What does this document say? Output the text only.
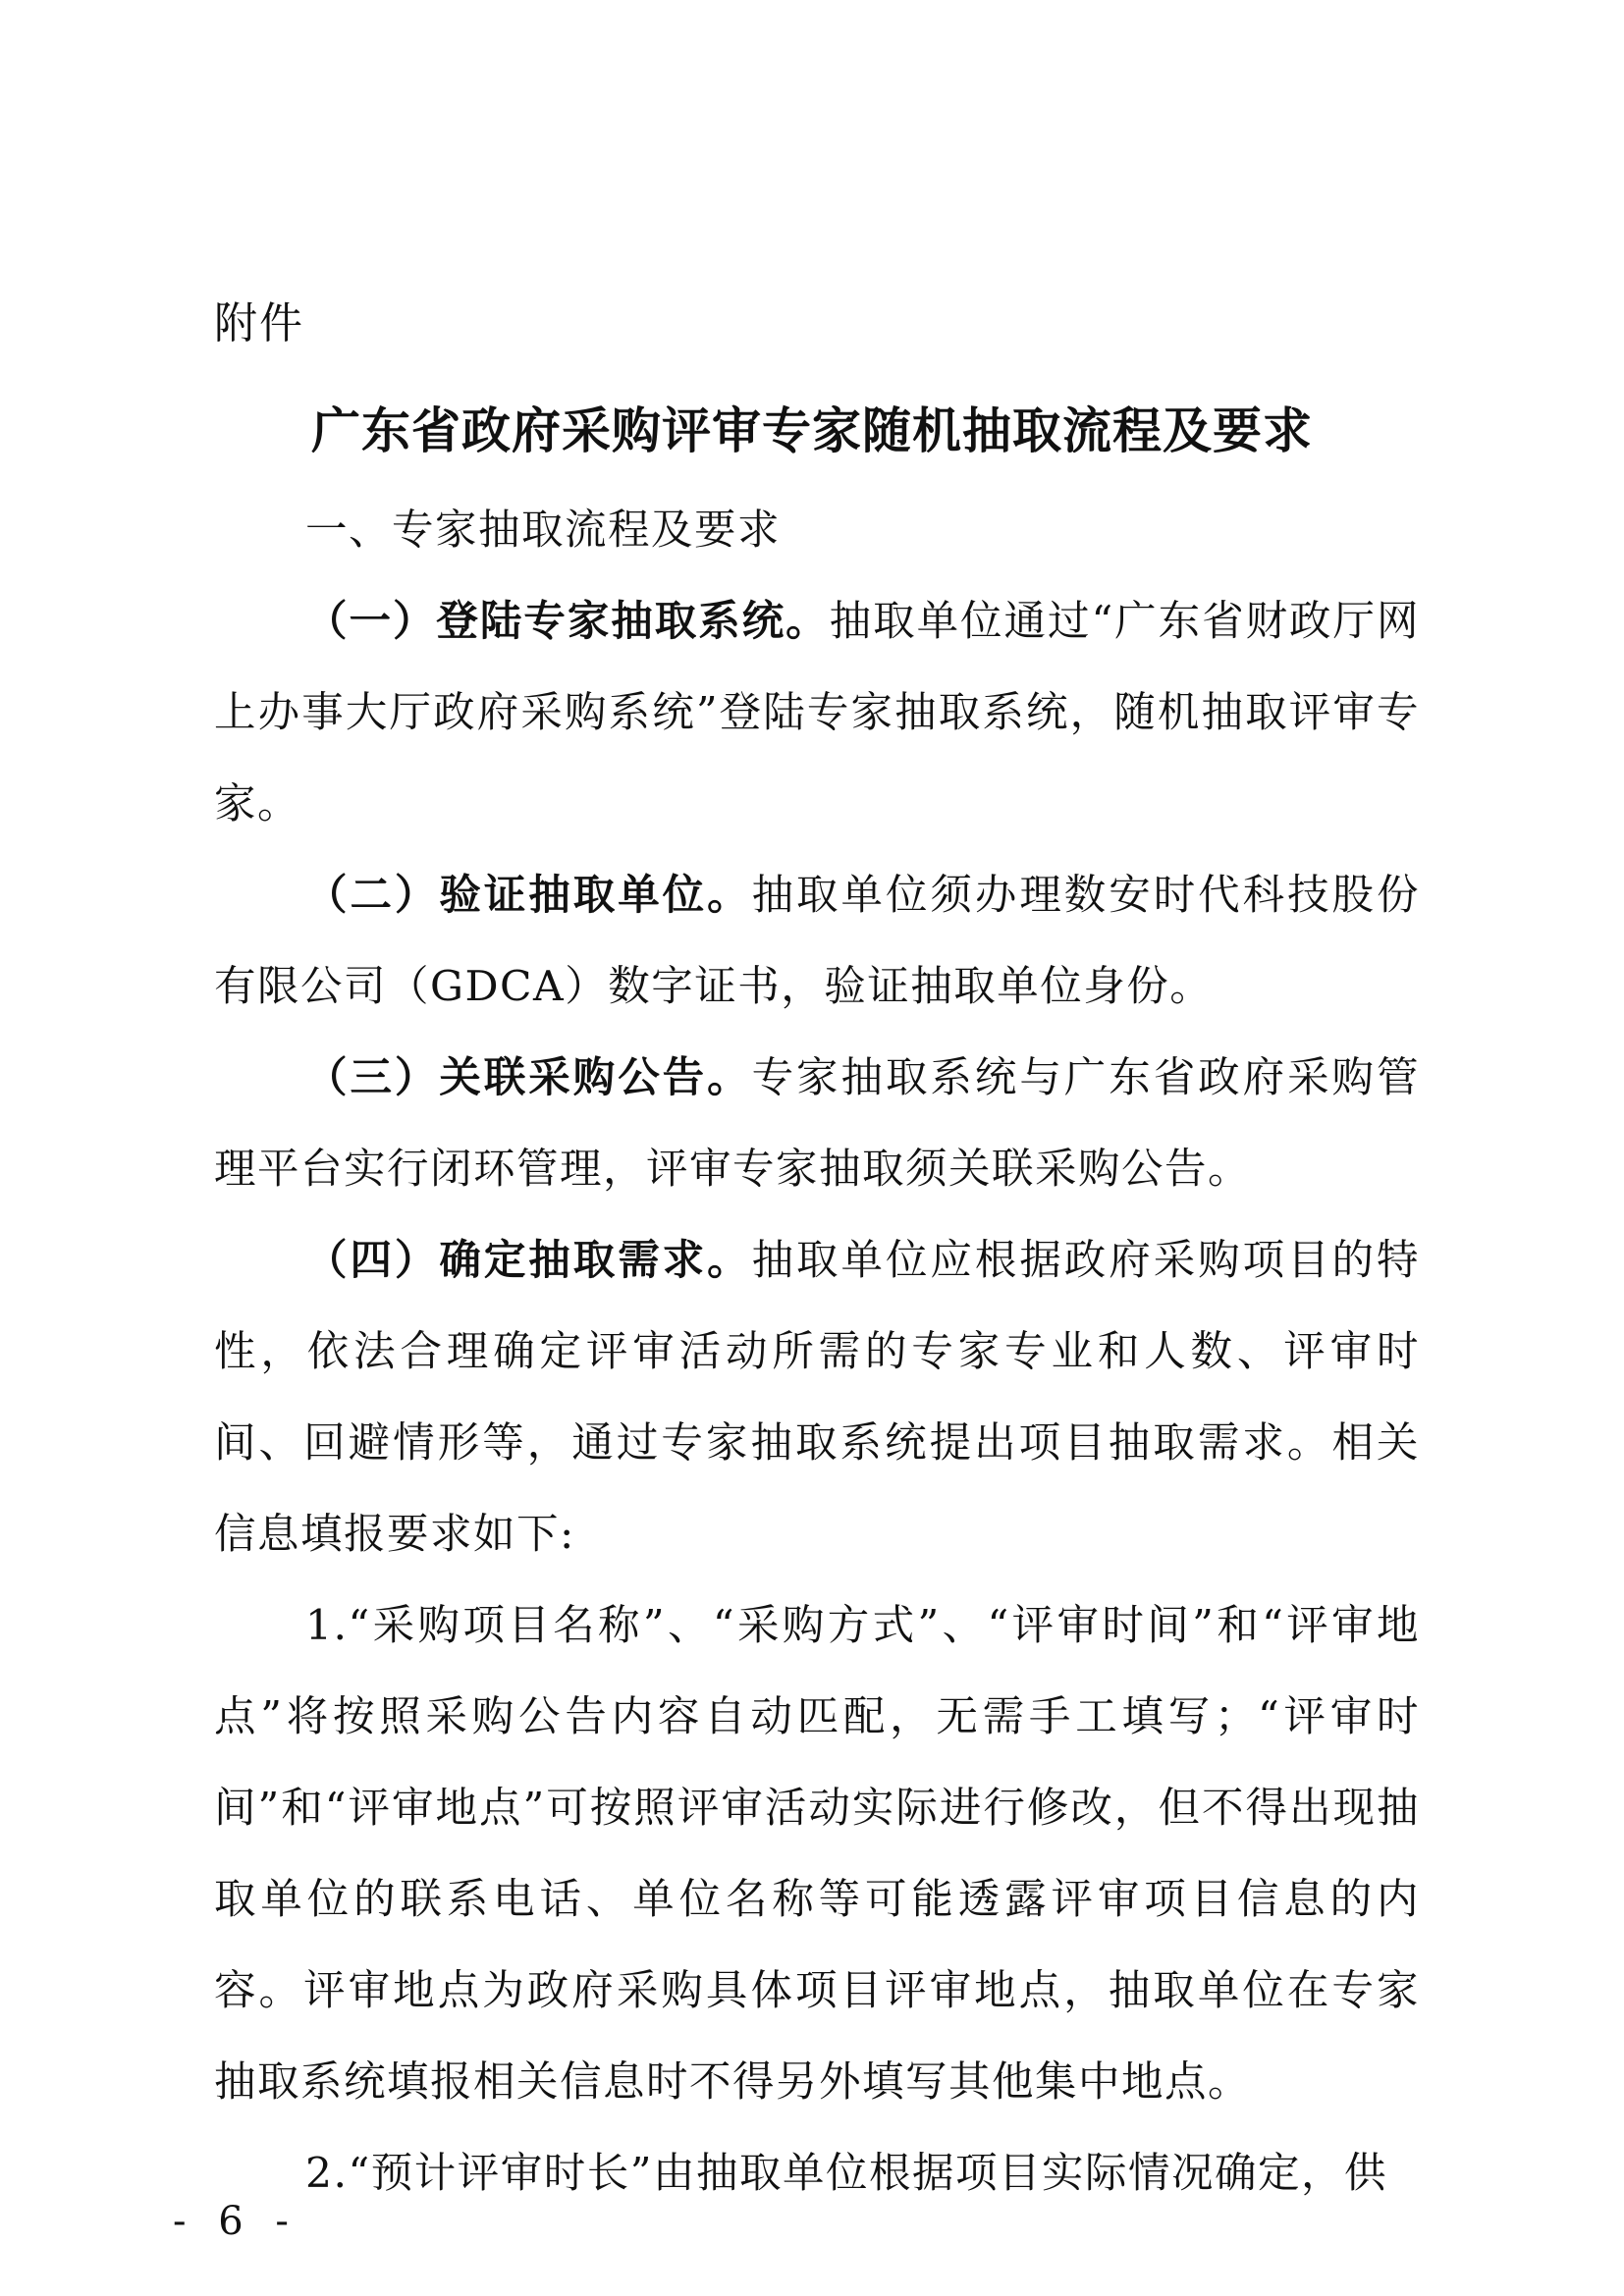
附件
广东省政府采购评审专家随机抽取流程及要求

一、专家抽取流程及要求

（一）登陆专家抽取系统。抽取单位通过“广东省财政厅网上办事大厅政府采购系统”登陆专家抽取系统，随机抽取评审专家。

（二）验证抽取单位。抽取单位须办理数安时代科技股份有限公司（GDCA）数字证书，验证抽取单位身份。

（三）关联采购公告。专家抽取系统与广东省政府采购管理平台实行闭环管理，评审专家抽取须关联采购公告。

（四）确定抽取需求。抽取单位应根据政府采购项目的特性，依法合理确定评审活动所需的专家专业和人数、评审时间、回避情形等，通过专家抽取系统提出项目抽取需求。相关信息填报要求如下:

1.“采购项目名称”、“采购方式”、“评审时间”和“评审地点”将按照采购公告内容自动匹配，无需手工填写；“评审时间”和“评审地点”可按照评审活动实际进行修改，但不得出现抽取单位的联系电话、单位名称等可能透露评审项目信息的内容。评审地点为政府采购具体项目评审地点，抽取单位在专家抽取系统填报相关信息时不得另外填写其他集中地点。

2.“预计评审时长”由抽取单位根据项目实际情况确定，供

- 6 -
